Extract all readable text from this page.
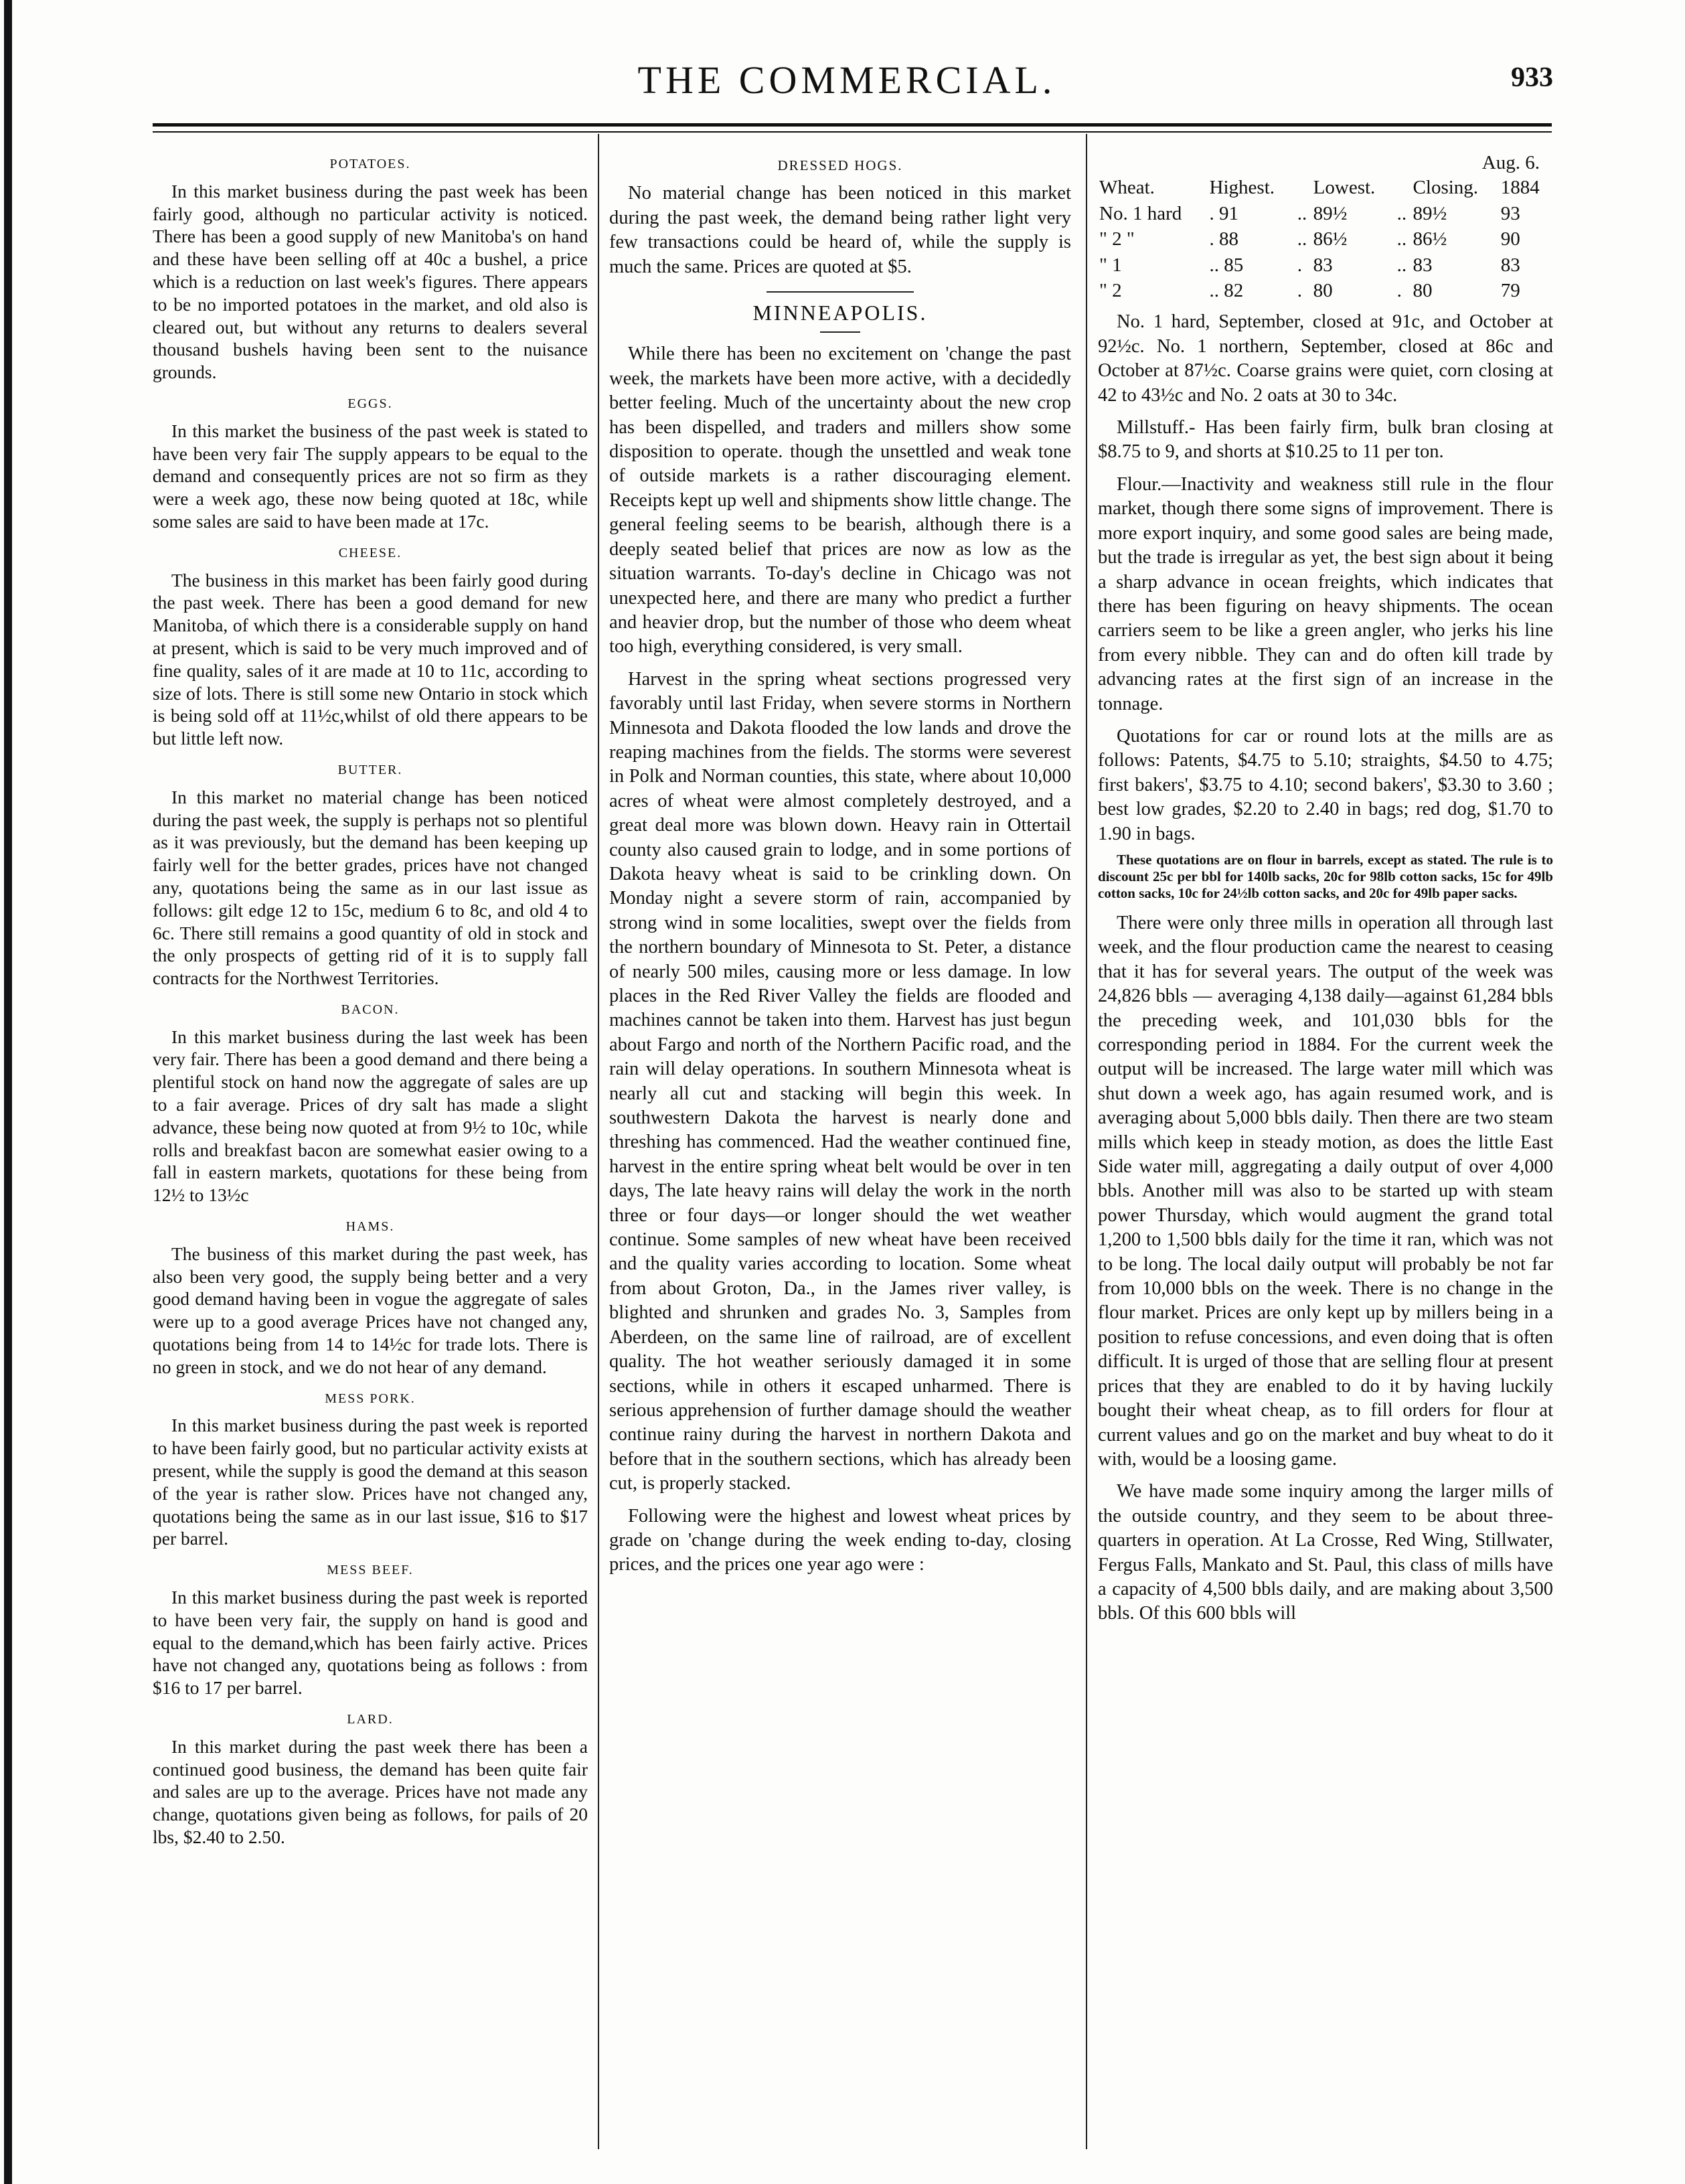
THE COMMERCIAL.	933
POTATOES.

In this market business during the past week has been fairly good, although no particular activity is noticed. There has been a good supply of new Manitoba's on hand and these have been selling off at 40c a bushel, a price which is a reduction on last week's figures. There appears to be no imported potatoes in the market, and old also is cleared out, but without any returns to dealers several thousand bushels having been sent to the nuisance grounds.

EGGS.

In this market the business of the past week is stated to have been very fair The supply appears to be equal to the demand and consequently prices are not so firm as they were a week ago, these now being quoted at 18c, while some sales are said to have been made at 17c.

CHEESE.

The business in this market has been fairly good during the past week. There has been a good demand for new Manitoba, of which there is a considerable supply on hand at present, which is said to be very much improved and of fine quality, sales of it are made at 10 to 11c, according to size of lots. There is still some new Ontario in stock which is being sold off at 11½c,whilst of old there appears to be but little left now.

BUTTER.

In this market no material change has been noticed during the past week, the supply is perhaps not so plentiful as it was previously, but the demand has been keeping up fairly well for the better grades, prices have not changed any, quotations being the same as in our last issue as follows: gilt edge 12 to 15c, medium 6 to 8c, and old 4 to 6c. There still remains a good quantity of old in stock and the only prospects of getting rid of it is to supply fall contracts for the Northwest Territories.

BACON.

In this market business during the last week has been very fair. There has been a good demand and there being a plentiful stock on hand now the aggregate of sales are up to a fair average. Prices of dry salt has made a slight advance, these being now quoted at from 9½ to 10c, while rolls and breakfast bacon are somewhat easier owing to a fall in eastern markets, quotations for these being from 12½ to 13½c

HAMS.

The business of this market during the past week, has also been very good, the supply being better and a very good demand having been in vogue the aggregate of sales were up to a good average Prices have not changed any, quotations being from 14 to 14½c for trade lots. There is no green in stock, and we do not hear of any demand.

MESS PORK.

In this market business during the past week is reported to have been fairly good, but no particular activity exists at present, while the supply is good the demand at this season of the year is rather slow. Prices have not changed any, quotations being the same as in our last issue, $16 to $17 per barrel.

MESS BEEF.

In this market business during the past week is reported to have been very fair, the supply on hand is good and equal to the demand,which has been fairly active. Prices have not changed any, quotations being as follows : from $16 to 17 per barrel.

LARD.

In this market during the past week there has been a continued good business, the demand has been quite fair and sales are up to the average. Prices have not made any change, quotations given being as follows, for pails of 20 lbs, $2.40 to 2.50.

DRESSED HOGS.

No material change has been noticed in this market during the past week, the demand being rather light very few transactions could be heard of, while the supply is much the same. Prices are quoted at $5.

MINNEAPOLIS.

While there has been no excitement on 'change the past week, the markets have been more active, with a decidedly better feeling. Much of the uncertainty about the new crop has been dispelled, and traders and millers show some disposition to operate. though the unsettled and weak tone of outside markets is a rather discouraging element. Receipts kept up well and shipments show little change. The general feeling seems to be bearish, although there is a deeply seated belief that prices are now as low as the situation warrants. To-day's decline in Chicago was not unexpected here, and there are many who predict a further and heavier drop, but the number of those who deem wheat too high, everything considered, is very small.

Harvest in the spring wheat sections progressed very favorably until last Friday, when severe storms in Northern Minnesota and Dakota flooded the low lands and drove the reaping machines from the fields. The storms were severest in Polk and Norman counties, this state, where about 10,000 acres of wheat were almost completely destroyed, and a great deal more was blown down. Heavy rain in Ottertail county also caused grain to lodge, and in some portions of Dakota heavy wheat is said to be crinkling down. On Monday night a severe storm of rain, accompanied by strong wind in some localities, swept over the fields from the northern boundary of Minnesota to St. Peter, a distance of nearly 500 miles, causing more or less damage. In low places in the Red River Valley the fields are flooded and machines cannot be taken into them. Harvest has just begun about Fargo and north of the Northern Pacific road, and the rain will delay operations. In southern Minnesota wheat is nearly all cut and stacking will begin this week. In southwestern Dakota the harvest is nearly done and threshing has commenced. Had the weather continued fine, harvest in the entire spring wheat belt would be over in ten days, The late heavy rains will delay the work in the north three or four days—or longer should the wet weather continue. Some samples of new wheat have been received and the quality varies according to location. Some wheat from about Groton, Da., in the James river valley, is blighted and shrunken and grades No. 3, Samples from Aberdeen, on the same line of railroad, are of excellent quality. The hot weather seriously damaged it in some sections, while in others it escaped unharmed. There is serious apprehension of further damage should the weather continue rainy during the harvest in northern Dakota and before that in the southern sections, which has already been cut, is properly stacked.

Following were the highest and lowest wheat prices by grade on 'change during the week ending to-day, closing prices, and the prices one year ago were :

Aug. 6.
Wheat.	Highest.		Lowest.		Closing.	1884
No. 1 hard	. 91	..	89½	..	89½	93
" 2 "	. 88	..	86½	..	86½	90
" 1	.. 85	.	83	..	83	83
" 2	.. 82	.	80	.	80	79

No. 1 hard, September, closed at 91c, and October at 92½c. No. 1 northern, September, closed at 86c and October at 87½c. Coarse grains were quiet, corn closing at 42 to 43½c and No. 2 oats at 30 to 34c.

Millstuff.- Has been fairly firm, bulk bran closing at $8.75 to 9, and shorts at $10.25 to 11 per ton.

Flour.—Inactivity and weakness still rule in the flour market, though there some signs of improvement. There is more export inquiry, and some good sales are being made, but the trade is irregular as yet, the best sign about it being a sharp advance in ocean freights, which indicates that there has been figuring on heavy shipments. The ocean carriers seem to be like a green angler, who jerks his line from every nibble. They can and do often kill trade by advancing rates at the first sign of an increase in the tonnage.

Quotations for car or round lots at the mills are as follows: Patents, $4.75 to 5.10; straights, $4.50 to 4.75; first bakers', $3.75 to 4.10; second bakers', $3.30 to 3.60 ; best low grades, $2.20 to 2.40 in bags; red dog, $1.70 to 1.90 in bags.

These quotations are on flour in barrels, except as stated. The rule is to discount 25c per bbl for 140lb sacks, 20c for 98lb cotton sacks, 15c for 49lb cotton sacks, 10c for 24½lb cotton sacks, and 20c for 49lb paper sacks.

There were only three mills in operation all through last week, and the flour production came the nearest to ceasing that it has for several years. The output of the week was 24,826 bbls — averaging 4,138 daily—against 61,284 bbls the preceding week, and 101,030 bbls for the corresponding period in 1884. For the current week the output will be increased. The large water mill which was shut down a week ago, has again resumed work, and is averaging about 5,000 bbls daily. Then there are two steam mills which keep in steady motion, as does the little East Side water mill, aggregating a daily output of over 4,000 bbls. Another mill was also to be started up with steam power Thursday, which would augment the grand total 1,200 to 1,500 bbls daily for the time it ran, which was not to be long. The local daily output will probably be not far from 10,000 bbls on the week. There is no change in the flour market. Prices are only kept up by millers being in a position to refuse concessions, and even doing that is often difficult. It is urged of those that are selling flour at present prices that they are enabled to do it by having luckily bought their wheat cheap, as to fill orders for flour at current values and go on the market and buy wheat to do it with, would be a loosing game.

We have made some inquiry among the larger mills of the outside country, and they seem to be about three-quarters in operation. At La Crosse, Red Wing, Stillwater, Fergus Falls, Mankato and St. Paul, this class of mills have a capacity of 4,500 bbls daily, and are making about 3,500 bbls. Of this 600 bbls will
